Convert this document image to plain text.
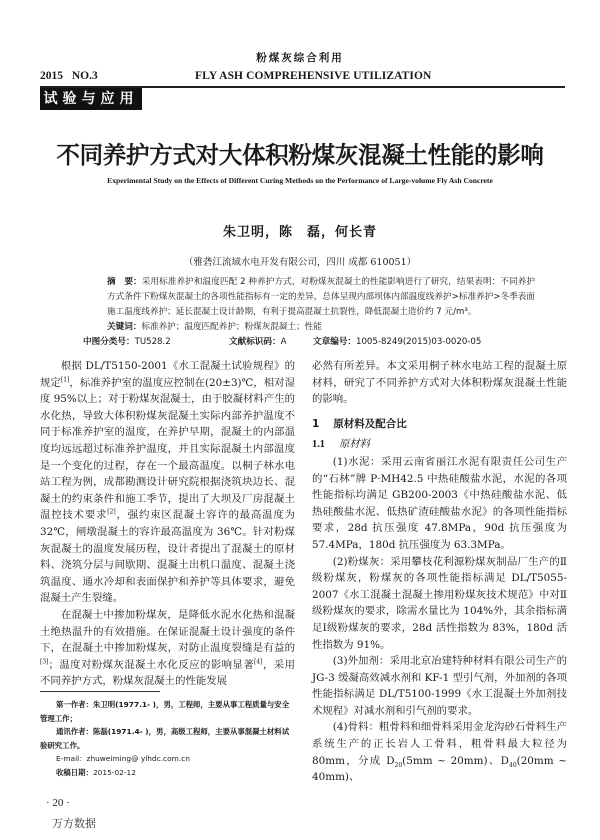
粉煤灰综合利用
2015 NO.3	FLY ASH COMPREHENSIVE UTILIZATION
试验与应用
不同养护方式对大体积粉煤灰混凝土性能的影响
Experimental Study on the Effects of Different Curing Methods on the Performance of Large-volume Fly Ash Concrete
朱卫明，陈　磊，何长青
（雅砻江流域水电开发有限公司，四川 成都 610051）

摘　要：采用标准养护和温度匹配 2 种养护方式，对粉煤灰混凝土的性能影响进行了研究，结果表明：不同养护方式条件下粉煤灰混凝土的各项性能指标有一定的差异，总体呈现内部坝体内部温度线养护>标准养护>冬季表面施工温度线养护；延长混凝土设计龄期，有利于提高混凝土抗裂性，降低混凝土造价约 7 元/m³。

关键词：标准养护；温度匹配养护；粉煤灰混凝土；性能

中图分类号：TU528.2	文献标识码：A	文章编号：1005-8249(2015)03-0020-05

根据 DL/T5150-2001《水工混凝土试验规程》的规定[1]，标准养护室的温度应控制在(20±3)℃，相对湿度 95%以上；对于粉煤灰混凝土，由于胶凝材料产生的水化热，导致大体积粉煤灰混凝土实际内部养护温度不同于标准养护室的温度，在养护早期，混凝土的内部温度均远远超过标准养护温度，并且实际混凝土内部温度是一个变化的过程，存在一个最高温度。以桐子林水电站工程为例，成都勘测设计研究院根据浇筑块边长、混凝土的约束条件和施工季节，提出了大坝及厂房混凝土温控技术要求[2]，强约束区混凝土容许的最高温度为 32℃，闸墩混凝土的容许最高温度为 36℃。针对粉煤灰混凝土的温度发展历程，设计者提出了混凝土的原材料、浇筑分层与间歇期、混凝土出机口温度、混凝土浇筑温度、通水冷却和表面保护和养护等具体要求，避免混凝土产生裂缝。

在混凝土中掺加粉煤灰，是降低水泥水化热和混凝土绝热温升的有效措施。在保证混凝土设计强度的条件下，在混凝土中掺加粉煤灰，对防止温度裂缝是有益的[3]；温度对粉煤灰混凝土水化反应的影响显著[4]，采用不同养护方式，粉煤灰混凝土的性能发展

必然有所差异。本文采用桐子林水电站工程的混凝土原材料，研究了不同养护方式对大体积粉煤灰混凝土性能的影响。

1 原材料及配合比
1.1 原材料

(1)水泥：采用云南省丽江水泥有限责任公司生产的“石林”牌 P·MH42.5 中热硅酸盐水泥，水泥的各项性能指标均满足 GB200-2003《中热硅酸盐水泥、低热硅酸盐水泥、低热矿渣硅酸盐水泥》的各项性能指标要求，28d 抗压强度 47.8MPa，90d 抗压强度为 57.4MPa，180d 抗压强度为 63.3MPa。

(2)粉煤灰：采用攀枝花利源粉煤灰制品厂生产的Ⅱ级粉煤灰，粉煤灰的各项性能指标满足 DL/T5055-2007《水工混凝土混凝土掺用粉煤灰技术规范》中对Ⅱ级粉煤灰的要求，除需水量比为 104%外，其余指标满足Ⅰ级粉煤灰的要求，28d 活性指数为 83%，180d 活性指数为 91%。

(3)外加剂：采用北京冶建特种材料有限公司生产的 JG-3 缓凝高效减水剂和 KF-1 型引气剂，外加剂的各项性能指标满足 DL/T5100-1999《水工混凝土外加剂技术规程》对减水剂和引气剂的要求。

(4)骨料：粗骨料和细骨料采用金龙沟砂石骨料生产系统生产的正长岩人工骨料，粗骨料最大粒径为 80mm，分成 $D_{20}(5mm$ ~ 20mm)、$D_{40}(20mm$ ~ 40mm)、

第一作者：朱卫明(1977.1- )，男，工程师，主要从事工程质量与安全管理工作；

通讯作者：陈磊(1971.4- )，男，高级工程师，主要从事混凝土材料试验研究工作。

E-mail：zhuweiming@ ylhdc.com.cn

收稿日期：2015-02-12

· 20 ·
万方数据
